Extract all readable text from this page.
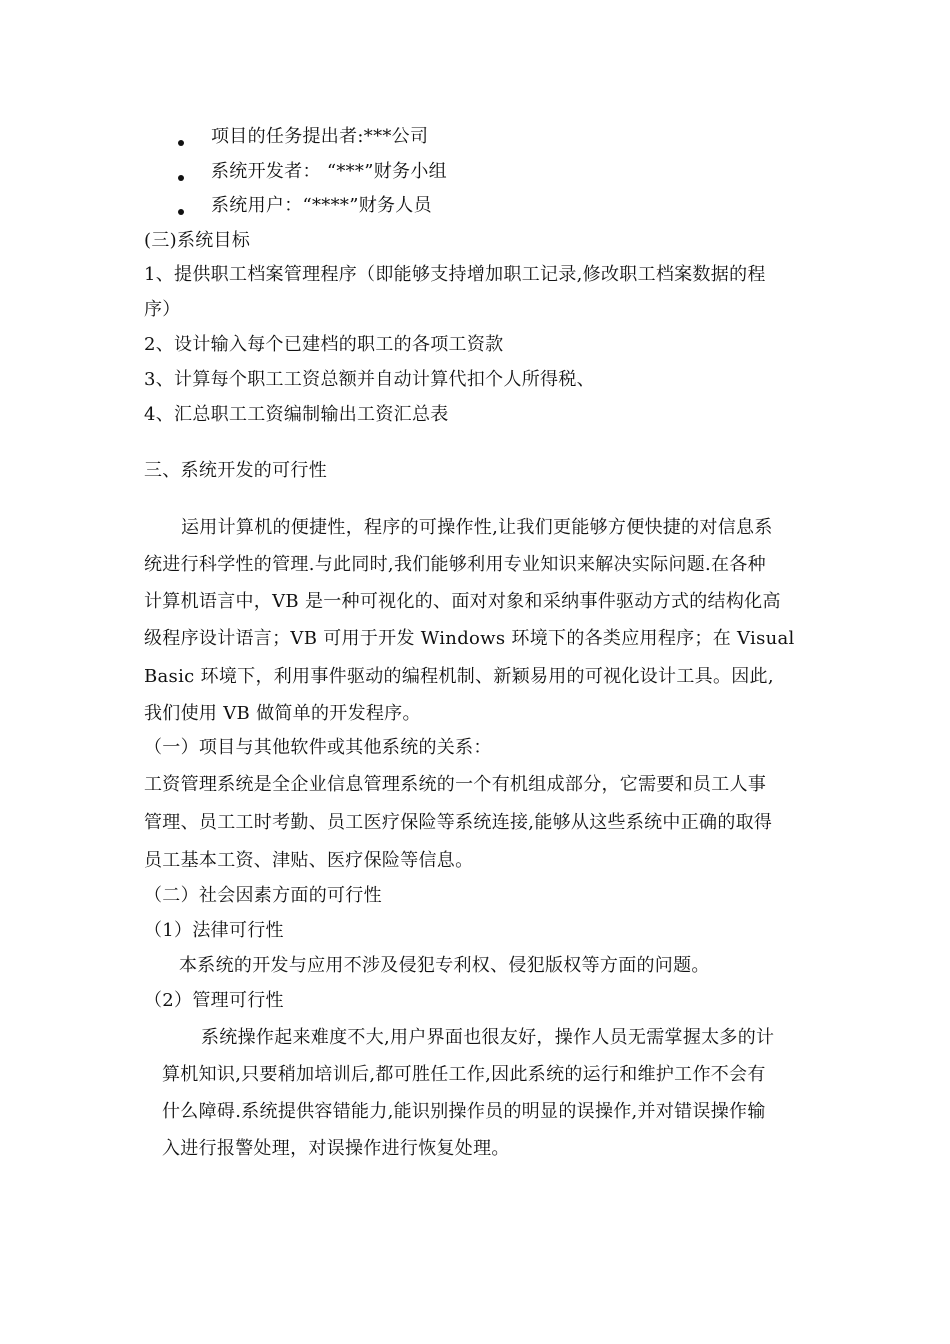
项目的任务提出者:***公司
系统开发者： “***”财务小组
系统用户：“****”财务人员
(三)系统目标
1、提供职工档案管理程序（即能够支持增加职工记录,修改职工档案数据的程
序）
2、设计输入每个已建档的职工的各项工资款
3、计算每个职工工资总额并自动计算代扣个人所得税、
4、汇总职工工资编制输出工资汇总表
三、系统开发的可行性
运用计算机的便捷性，程序的可操作性,让我们更能够方便快捷的对信息系
统进行科学性的管理.与此同时,我们能够利用专业知识来解决实际问题.在各种
计算机语言中，VB 是一种可视化的、面对对象和采纳事件驱动方式的结构化高
级程序设计语言；VB 可用于开发 Windows 环境下的各类应用程序；在 Visual
Basic 环境下，利用事件驱动的编程机制、新颖易用的可视化设计工具。因此,
我们使用 VB 做简单的开发程序。
（一）项目与其他软件或其他系统的关系：
工资管理系统是全企业信息管理系统的一个有机组成部分，它需要和员工人事
管理、员工工时考勤、员工医疗保险等系统连接,能够从这些系统中正确的取得
员工基本工资、津贴、医疗保险等信息。
（二）社会因素方面的可行性
（1）法律可行性
本系统的开发与应用不涉及侵犯专利权、侵犯版权等方面的问题。
（2）管理可行性
系统操作起来难度不大,用户界面也很友好，操作人员无需掌握太多的计
算机知识,只要稍加培训后,都可胜任工作,因此系统的运行和维护工作不会有
什么障碍.系统提供容错能力,能识别操作员的明显的误操作,并对错误操作输
入进行报警处理，对误操作进行恢复处理。
